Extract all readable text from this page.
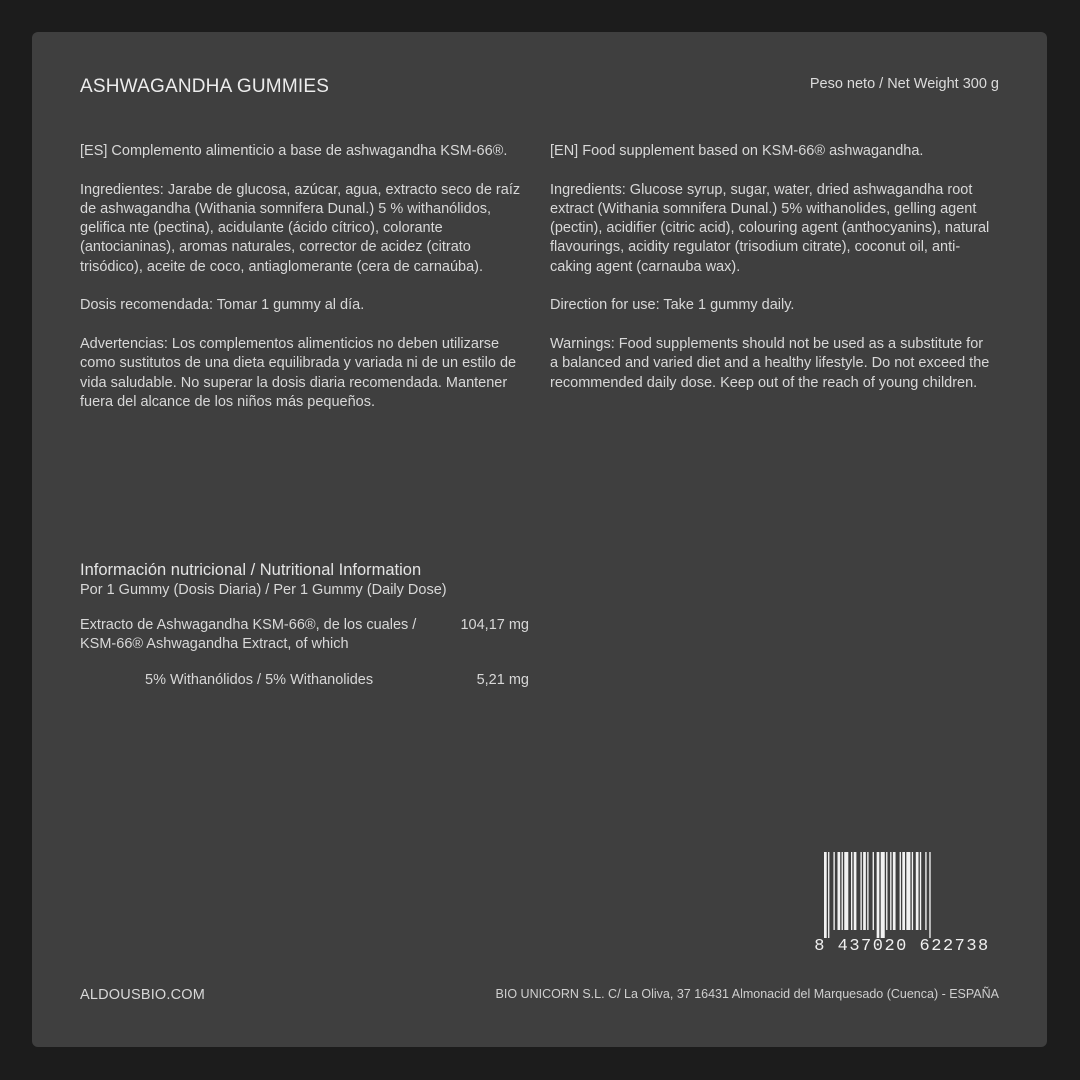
ASHWAGANDHA GUMMIES	Peso neto / Net Weight 300 g

[ES] Complemento alimenticio a base de ashwagandha KSM-66®.

Ingredientes: Jarabe de glucosa, azúcar, agua, extracto seco de raíz de ashwagandha (Withania somnifera Dunal.) 5 % withanólidos, gelifica nte (pectina), acidulante (ácido cítrico), colorante (antocianinas), aromas naturales, corrector de acidez (citrato trisódico), aceite de coco, antiaglomerante (cera de carnaúba).

Dosis recomendada: Tomar 1 gummy al día.

Advertencias: Los complementos alimenticios no deben utilizarse como sustitutos de una dieta equilibrada y variada ni de un estilo de vida saludable. No superar la dosis diaria recomendada. Mantener fuera del alcance de los niños más pequeños.

[EN] Food supplement based on KSM-66® ashwagandha.

Ingredients: Glucose syrup, sugar, water, dried ashwagandha root extract (Withania somnifera Dunal.) 5% withanolides, gelling agent (pectin), acidifier (citric acid), colouring agent (anthocyanins), natural flavourings, acidity regulator (trisodium citrate), coconut oil, anti-caking agent (carnauba wax).

Direction for use: Take 1 gummy daily.

Warnings: Food supplements should not be used as a substitute for a balanced and varied diet and a healthy lifestyle. Do not exceed the recommended daily dose. Keep out of the reach of young children.

Información nutricional / Nutritional Information
Por 1 Gummy (Dosis Diaria) / Per 1 Gummy (Daily Dose)
Extracto de Ashwagandha KSM-66®, de los cuales / KSM-66® Ashwagandha Extract, of which
104,17 mg
5% Withanólidos / 5% Withanolides	5,21 mg
8 437020 622738
ALDOUSBIO.COM	BIO UNICORN S.L. C/ La Oliva, 37 16431 Almonacid del Marquesado (Cuenca) - ESPAÑA
